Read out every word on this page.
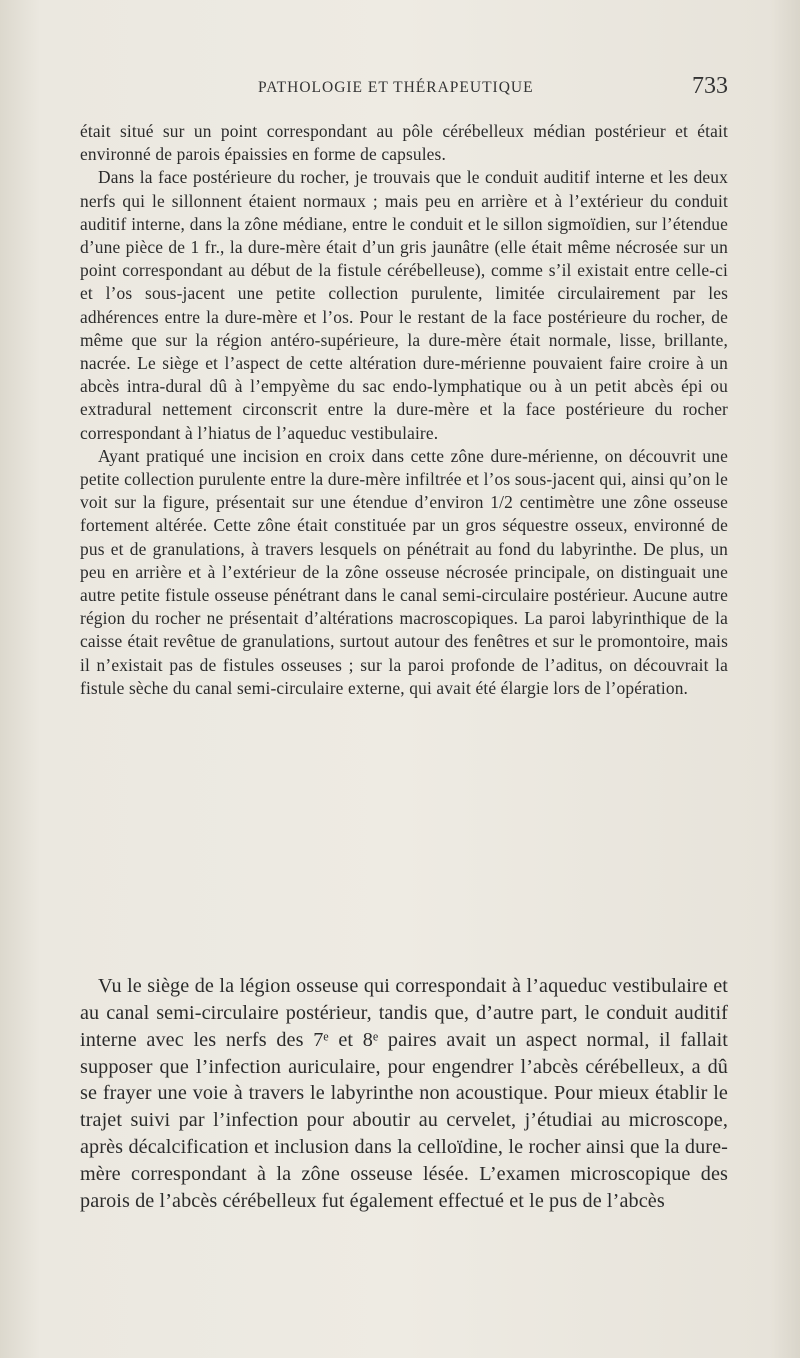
PATHOLOGIE ET THÉRAPEUTIQUE	733

était situé sur un point correspondant au pôle cérébelleux médian postérieur et était environné de parois épaissies en forme de capsules.

Dans la face postérieure du rocher, je trouvais que le conduit auditif interne et les deux nerfs qui le sillonnent étaient normaux ; mais peu en arrière et à l’extérieur du conduit auditif interne, dans la zône médiane, entre le conduit et le sillon sigmoïdien, sur l’étendue d’une pièce de 1 fr., la dure-mère était d’un gris jaunâtre (elle était même nécrosée sur un point correspondant au début de la fistule cérébelleuse), comme s’il existait entre celle-ci et l’os sous-jacent une petite collection purulente, limitée circulairement par les adhérences entre la dure-mère et l’os. Pour le restant de la face postérieure du rocher, de même que sur la région antéro-supérieure, la dure-mère était normale, lisse, brillante, nacrée. Le siège et l’aspect de cette altération dure-mérienne pouvaient faire croire à un abcès intra-dural dû à l’empyème du sac endo-lymphatique ou à un petit abcès épi ou extradural nettement circonscrit entre la dure-mère et la face postérieure du rocher correspondant à l’hiatus de l’aqueduc vestibulaire.

Ayant pratiqué une incision en croix dans cette zône dure-mérienne, on découvrit une petite collection purulente entre la dure-mère infiltrée et l’os sous-jacent qui, ainsi qu’on le voit sur la figure, présentait sur une étendue d’environ 1/2 centimètre une zône osseuse fortement altérée. Cette zône était constituée par un gros séquestre osseux, environné de pus et de granulations, à travers lesquels on pénétrait au fond du labyrinthe. De plus, un peu en arrière et à l’extérieur de la zône osseuse nécrosée principale, on distinguait une autre petite fistule osseuse pénétrant dans le canal semi-circulaire postérieur. Aucune autre région du rocher ne présentait d’altérations macroscopiques. La paroi labyrinthique de la caisse était revêtue de granulations, surtout autour des fenêtres et sur le promontoire, mais il n’existait pas de fistules osseuses ; sur la paroi profonde de l’aditus, on découvrait la fistule sèche du canal semi-circulaire externe, qui avait été élargie lors de l’opération.

Vu le siège de la légion osseuse qui correspondait à l’aqueduc vestibulaire et au canal semi-circulaire postérieur, tandis que, d’autre part, le conduit auditif interne avec les nerfs des 7ᵉ et 8ᵉ paires avait un aspect normal, il fallait supposer que l’infection auriculaire, pour engendrer l’abcès cérébelleux, a dû se frayer une voie à travers le labyrinthe non acoustique. Pour mieux établir le trajet suivi par l’infection pour aboutir au cervelet, j’étudiai au microscope, après décalcification et inclusion dans la celloïdine, le rocher ainsi que la dure-mère correspondant à la zône osseuse lésée. L’examen microscopique des parois de l’abcès cérébelleux fut également effectué et le pus de l’abcès
